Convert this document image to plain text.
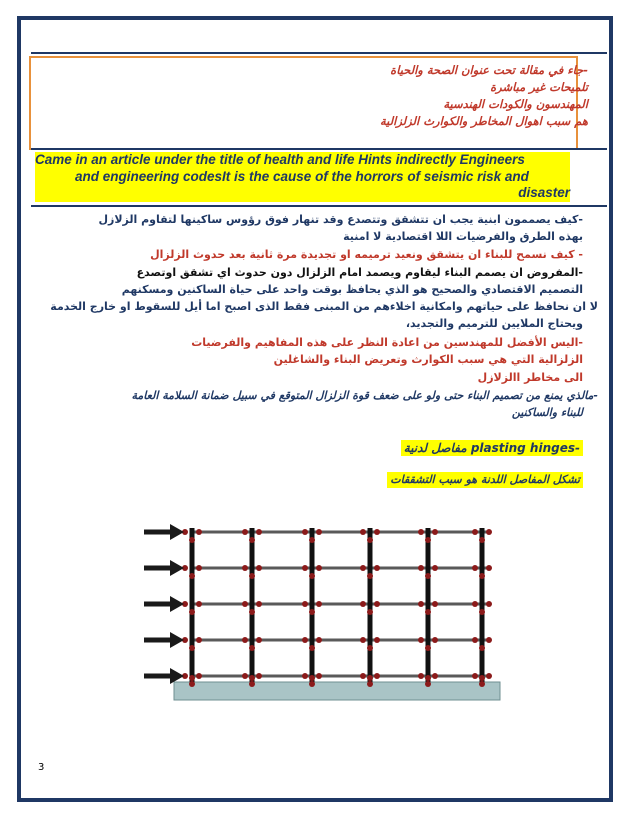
-جاء في مقالة تحت عنوان الصحة والحياة
تلميحات غير مباشرة
المهندسون والكودات الهندسية
هم سبب اهوال المخاطر والكوارث الزلزالية
Came in an article under the title of health and life Hints indirectly Engineers
and engineering codesIt is the cause of the horrors of seismic risk and
disaster
-كيف يصممون ابنية يجب ان تتشقق وتتصدع وقد تنهار فوق رؤوس ساكينها لتقاوم الزلازل
بهذه الطرق والفرضيات اللا اقتصادية لا امنية
- كيف نسمح للبناء ان يتشقق ونعيد ترميمه او تجديدة مرة ثانية بعد حدوث الزلزال
-المفروض ان يصمم البناء ليقاوم ويصمد امام الزلزال دون حدوث اي تشقق اوتصدع
التصميم الاقتصادي والصحيح هو الذي يحافظ بوقت واحد على حياة الساكنين ومسكنهم
لا ان نحافظ على حياتهم وامكانية اخلاءهم من المبنى فقط الذى اصبح اما أيل للسقوط او خارج الخدمة
ويحتاج الملايين للترميم والتجديد،
-اليس الأفضل للمهندسين من اعادة النظر على هذه المفاهيم والفرضيات
الزلزالية التي هي سبب الكوارث وتعريض البناء والشاغلين
الى مخاطر االزلازل
-مالذي يمنع من تصميم البناء حتى ولو على ضعف قوة الزلزال المتوقع في سبيل ضمانة السلامة العامة
للبناء والساكنين
-plasting hinges مفاصل لدنية
تشكل المفاصل اللدنة هو سبب التشققات
3
